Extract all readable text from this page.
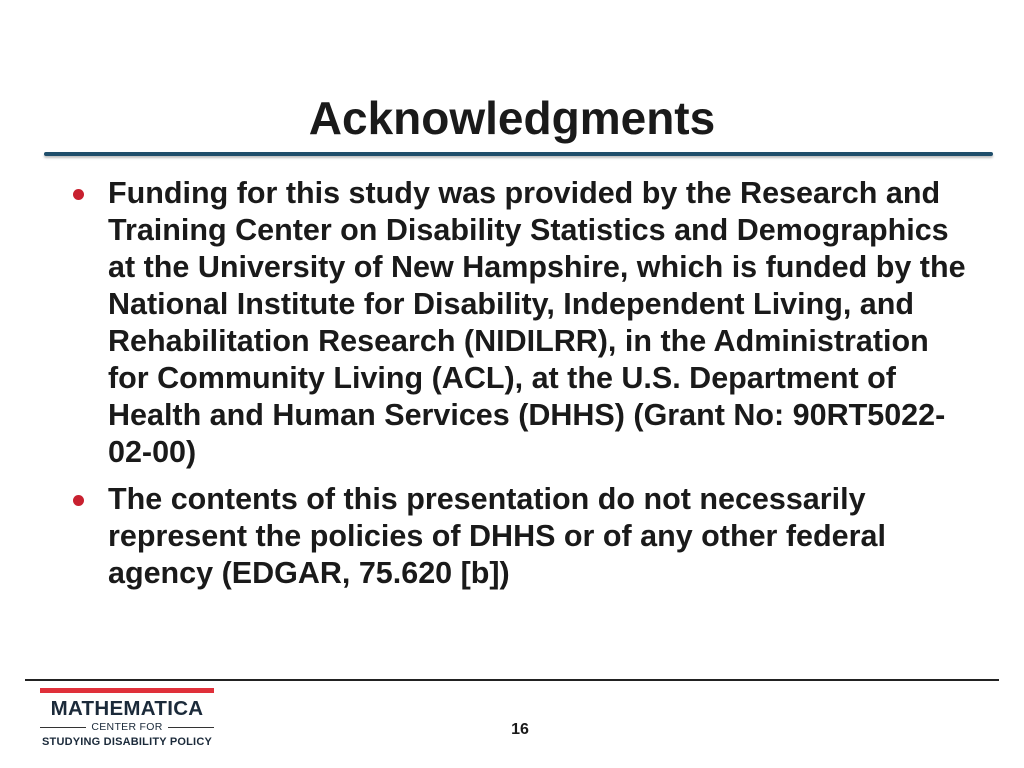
Acknowledgments
Funding for this study was provided by the Research and Training Center on Disability Statistics and Demographics at the University of New Hampshire, which is funded by the National Institute for Disability, Independent Living, and Rehabilitation Research (NIDILRR), in the Administration for Community Living (ACL), at the U.S. Department of Health and Human Services (DHHS) (Grant No: 90RT5022-02-00)
The contents of this presentation do not necessarily represent the policies of DHHS or of any other federal agency (EDGAR, 75.620 [b])
MATHEMATICA
CENTER FOR
STUDYING DISABILITY POLICY
16
